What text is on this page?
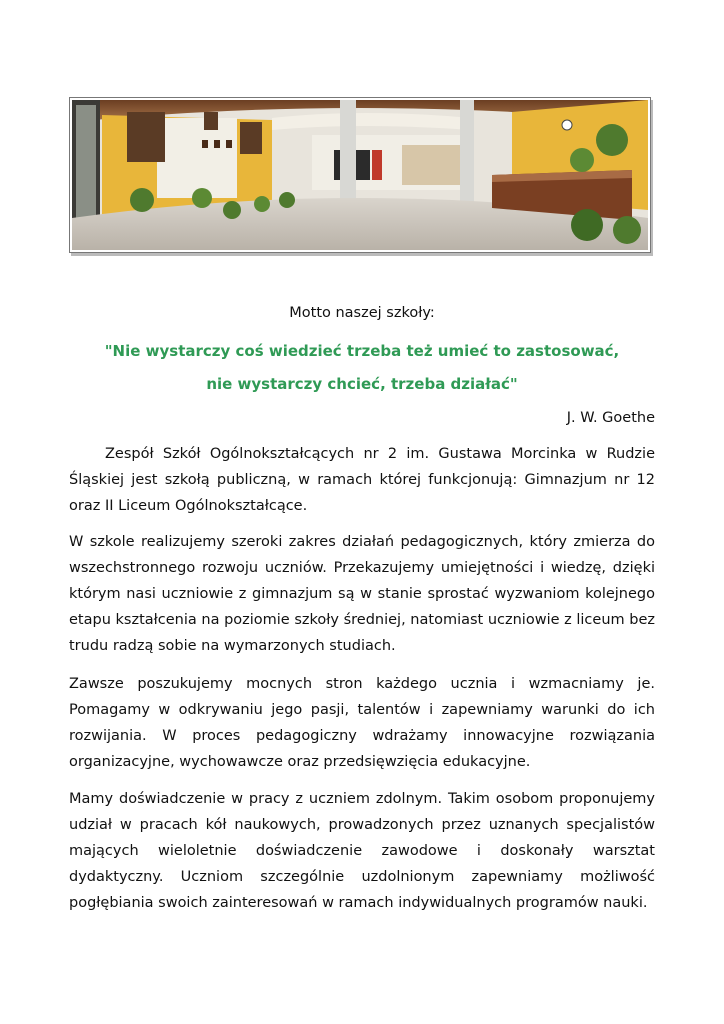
Motto naszej szkoły:
"Nie wystarczy coś wiedzieć trzeba też umieć to zastosować,
nie wystarczy chcieć, trzeba działać"
J. W. Goethe

Zespół Szkół Ogólnokształcących nr 2 im. Gustawa Morcinka w Rudzie Śląskiej jest szkołą publiczną, w ramach której funkcjonują: Gimnazjum nr 12 oraz II Liceum Ogólnokształcące.

W szkole realizujemy szeroki zakres działań pedagogicznych, który zmierza do wszechstronnego rozwoju uczniów. Przekazujemy umiejętności i wiedzę, dzięki którym nasi uczniowie z gimnazjum są w stanie sprostać wyzwaniom kolejnego etapu kształcenia na poziomie szkoły średniej, natomiast uczniowie z liceum bez trudu radzą sobie na wymarzonych studiach.

Zawsze poszukujemy mocnych stron każdego ucznia i wzmacniamy je. Pomagamy w odkrywaniu jego pasji, talentów i zapewniamy warunki do ich rozwijania. W proces pedagogiczny wdrażamy innowacyjne rozwiązania organizacyjne, wychowawcze oraz przedsięwzięcia edukacyjne.

Mamy doświadczenie w pracy z uczniem zdolnym. Takim osobom proponujemy udział w pracach kół naukowych, prowadzonych przez uznanych specjalistów mających wieloletnie doświadczenie zawodowe i doskonały warsztat dydaktyczny. Uczniom szczególnie uzdolnionym zapewniamy możliwość pogłębiania swoich zainteresowań w ramach indywidualnych programów nauki.
